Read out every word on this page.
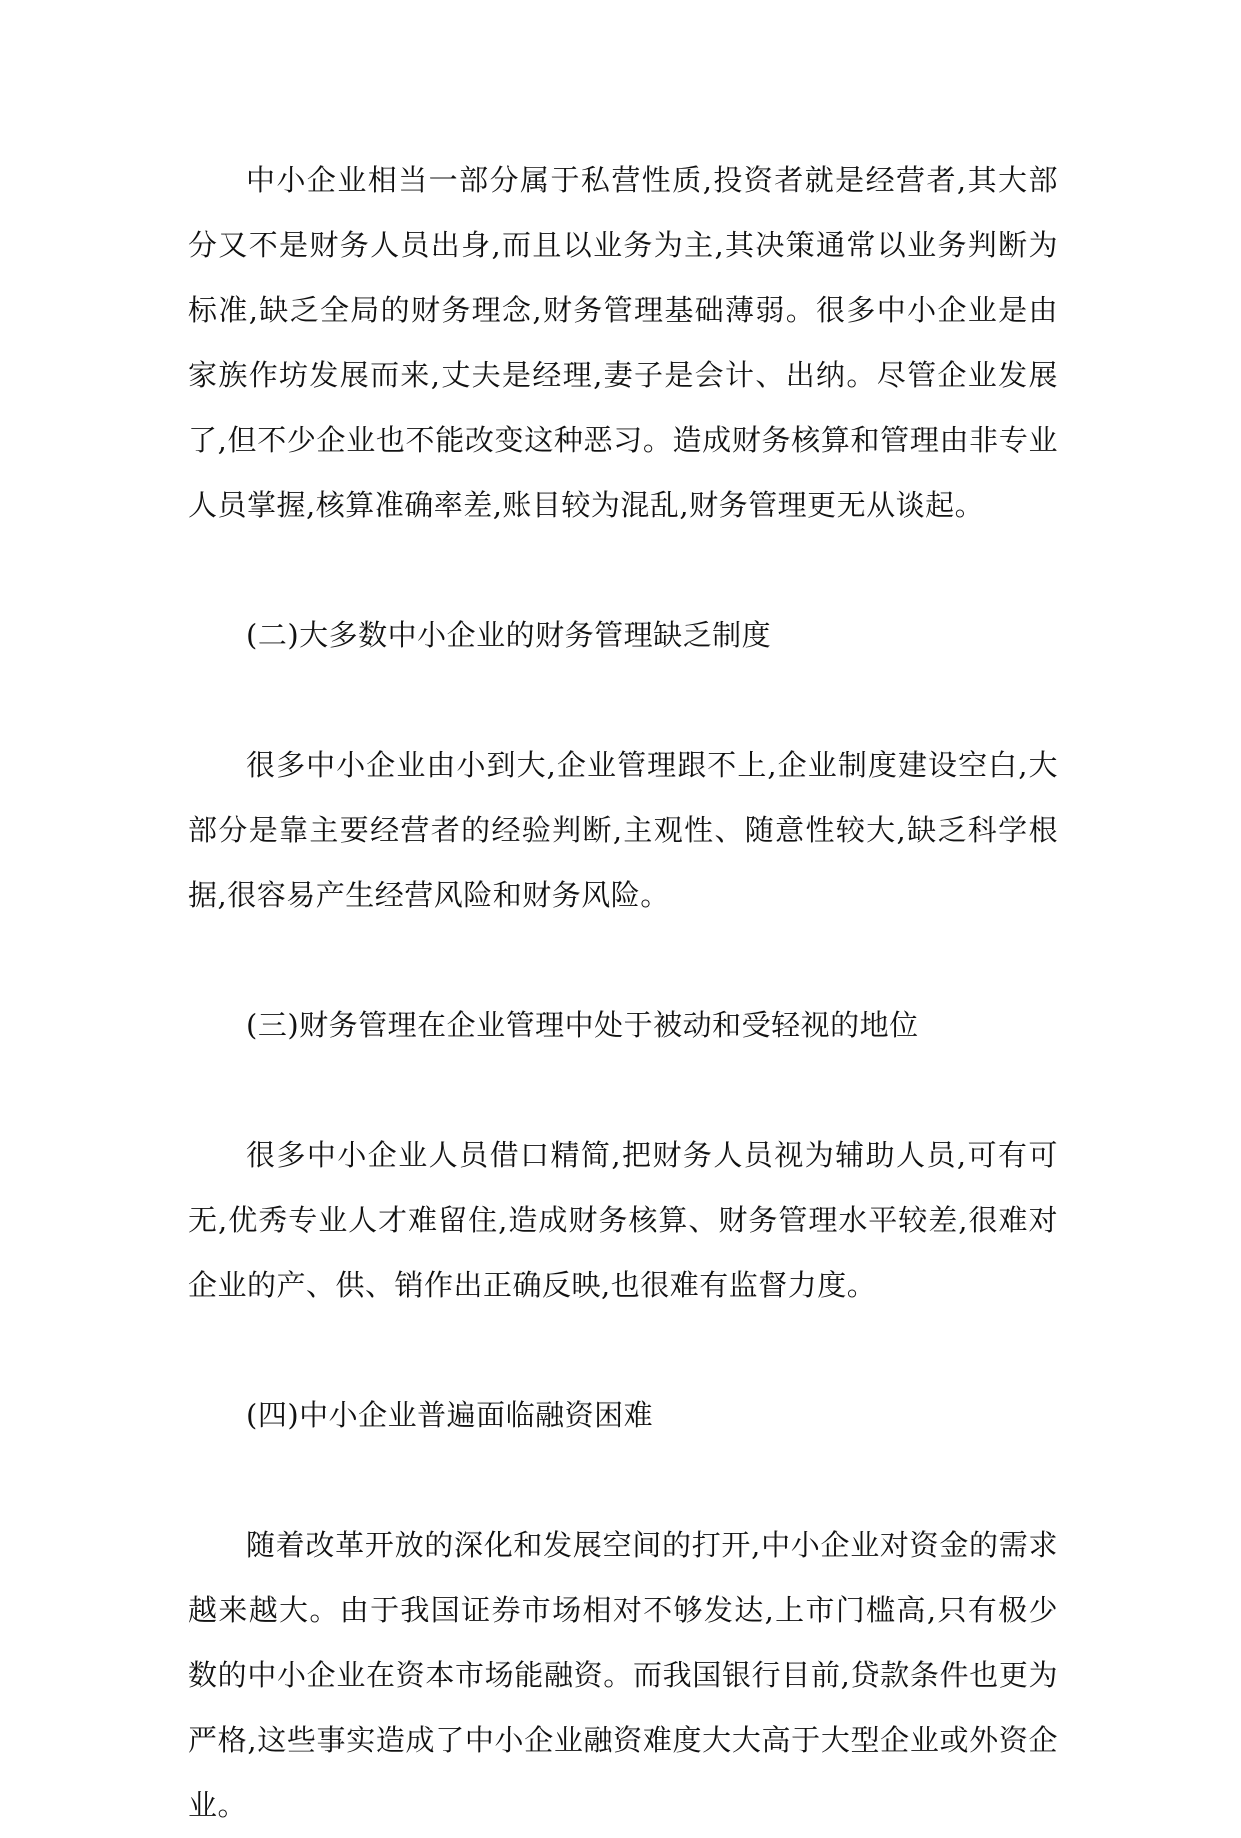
中小企业相当一部分属于私营性质,投资者就是经营者,其大部分又不是财务人员出身,而且以业务为主,其决策通常以业务判断为标准,缺乏全局的财务理念,财务管理基础薄弱。很多中小企业是由家族作坊发展而来,丈夫是经理,妻子是会计、出纳。尽管企业发展了,但不少企业也不能改变这种恶习。造成财务核算和管理由非专业人员掌握,核算准确率差,账目较为混乱,财务管理更无从谈起。

(二)大多数中小企业的财务管理缺乏制度

很多中小企业由小到大,企业管理跟不上,企业制度建设空白,大部分是靠主要经营者的经验判断,主观性、随意性较大,缺乏科学根据,很容易产生经营风险和财务风险。

(三)财务管理在企业管理中处于被动和受轻视的地位

很多中小企业人员借口精简,把财务人员视为辅助人员,可有可无,优秀专业人才难留住,造成财务核算、财务管理水平较差,很难对企业的产、供、销作出正确反映,也很难有监督力度。

(四)中小企业普遍面临融资困难

随着改革开放的深化和发展空间的打开,中小企业对资金的需求越来越大。由于我国证券市场相对不够发达,上市门槛高,只有极少数的中小企业在资本市场能融资。而我国银行目前,贷款条件也更为严格,这些事实造成了中小企业融资难度大大高于大型企业或外资企业。
